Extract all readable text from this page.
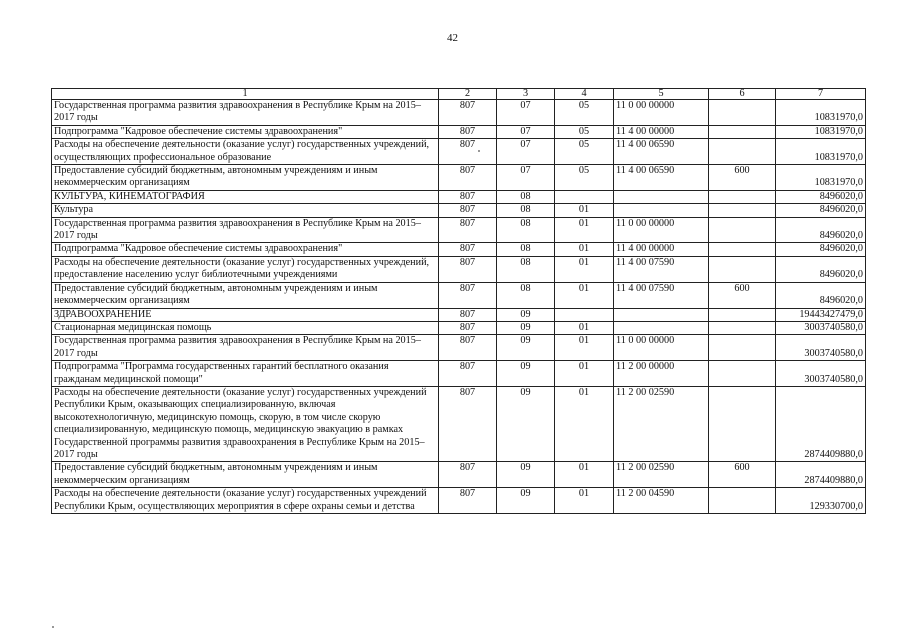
42
1	2	3	4	5	6	7
Государственная программа развития здравоохранения в Республике Крым на 2015–2017 годы	807	07	05	11 0 00 00000		10831970,0
Подпрограмма "Кадровое обеспечение системы здравоохранения"	807	07	05	11 4 00 00000		10831970,0
Расходы на обеспечение деятельности (оказание услуг) государственных учреждений, осуществляющих профессиональное образование	807	07	05	11 4 00 06590		10831970,0
Предоставление субсидий бюджетным, автономным учреждениям и иным некоммерческим организациям	807	07	05	11 4 00 06590	600	10831970,0
КУЛЬТУРА, КИНЕМАТОГРАФИЯ	807	08				8496020,0
Культура	807	08	01			8496020,0
Государственная программа развития здравоохранения в Республике Крым на 2015–2017 годы	807	08	01	11 0 00 00000		8496020,0
Подпрограмма "Кадровое обеспечение системы здравоохранения"	807	08	01	11 4 00 00000		8496020,0
Расходы на обеспечение деятельности (оказание услуг) государственных учреждений, предоставление населению услуг библиотечными учреждениями	807	08	01	11 4 00 07590		8496020,0
Предоставление субсидий бюджетным, автономным учреждениям и иным некоммерческим организациям	807	08	01	11 4 00 07590	600	8496020,0
ЗДРАВООХРАНЕНИЕ	807	09				19443427479,0
Стационарная медицинская помощь	807	09	01			3003740580,0
Государственная программа развития здравоохранения в Республике Крым на 2015–2017 годы	807	09	01	11 0 00 00000		3003740580,0
Подпрограмма "Программа государственных гарантий бесплатного оказания гражданам медицинской помощи"	807	09	01	11 2 00 00000		3003740580,0
Расходы на обеспечение деятельности (оказание услуг) государственных учреждений Республики Крым, оказывающих специализированную, включая высокотехнологичную, медицинскую помощь, скорую, в том числе скорую специализированную, медицинскую помощь, медицинскую эвакуацию в рамках Государственной программы развития здравоохранения в Республике Крым на 2015–2017 годы	807	09	01	11 2 00 02590		2874409880,0
Предоставление субсидий бюджетным, автономным учреждениям и иным некоммерческим организациям	807	09	01	11 2 00 02590	600	2874409880,0
Расходы на обеспечение деятельности (оказание услуг) государственных учреждений Республики Крым, осуществляющих мероприятия в сфере охраны семьи и детства	807	09	01	11 2 00 04590		129330700,0
